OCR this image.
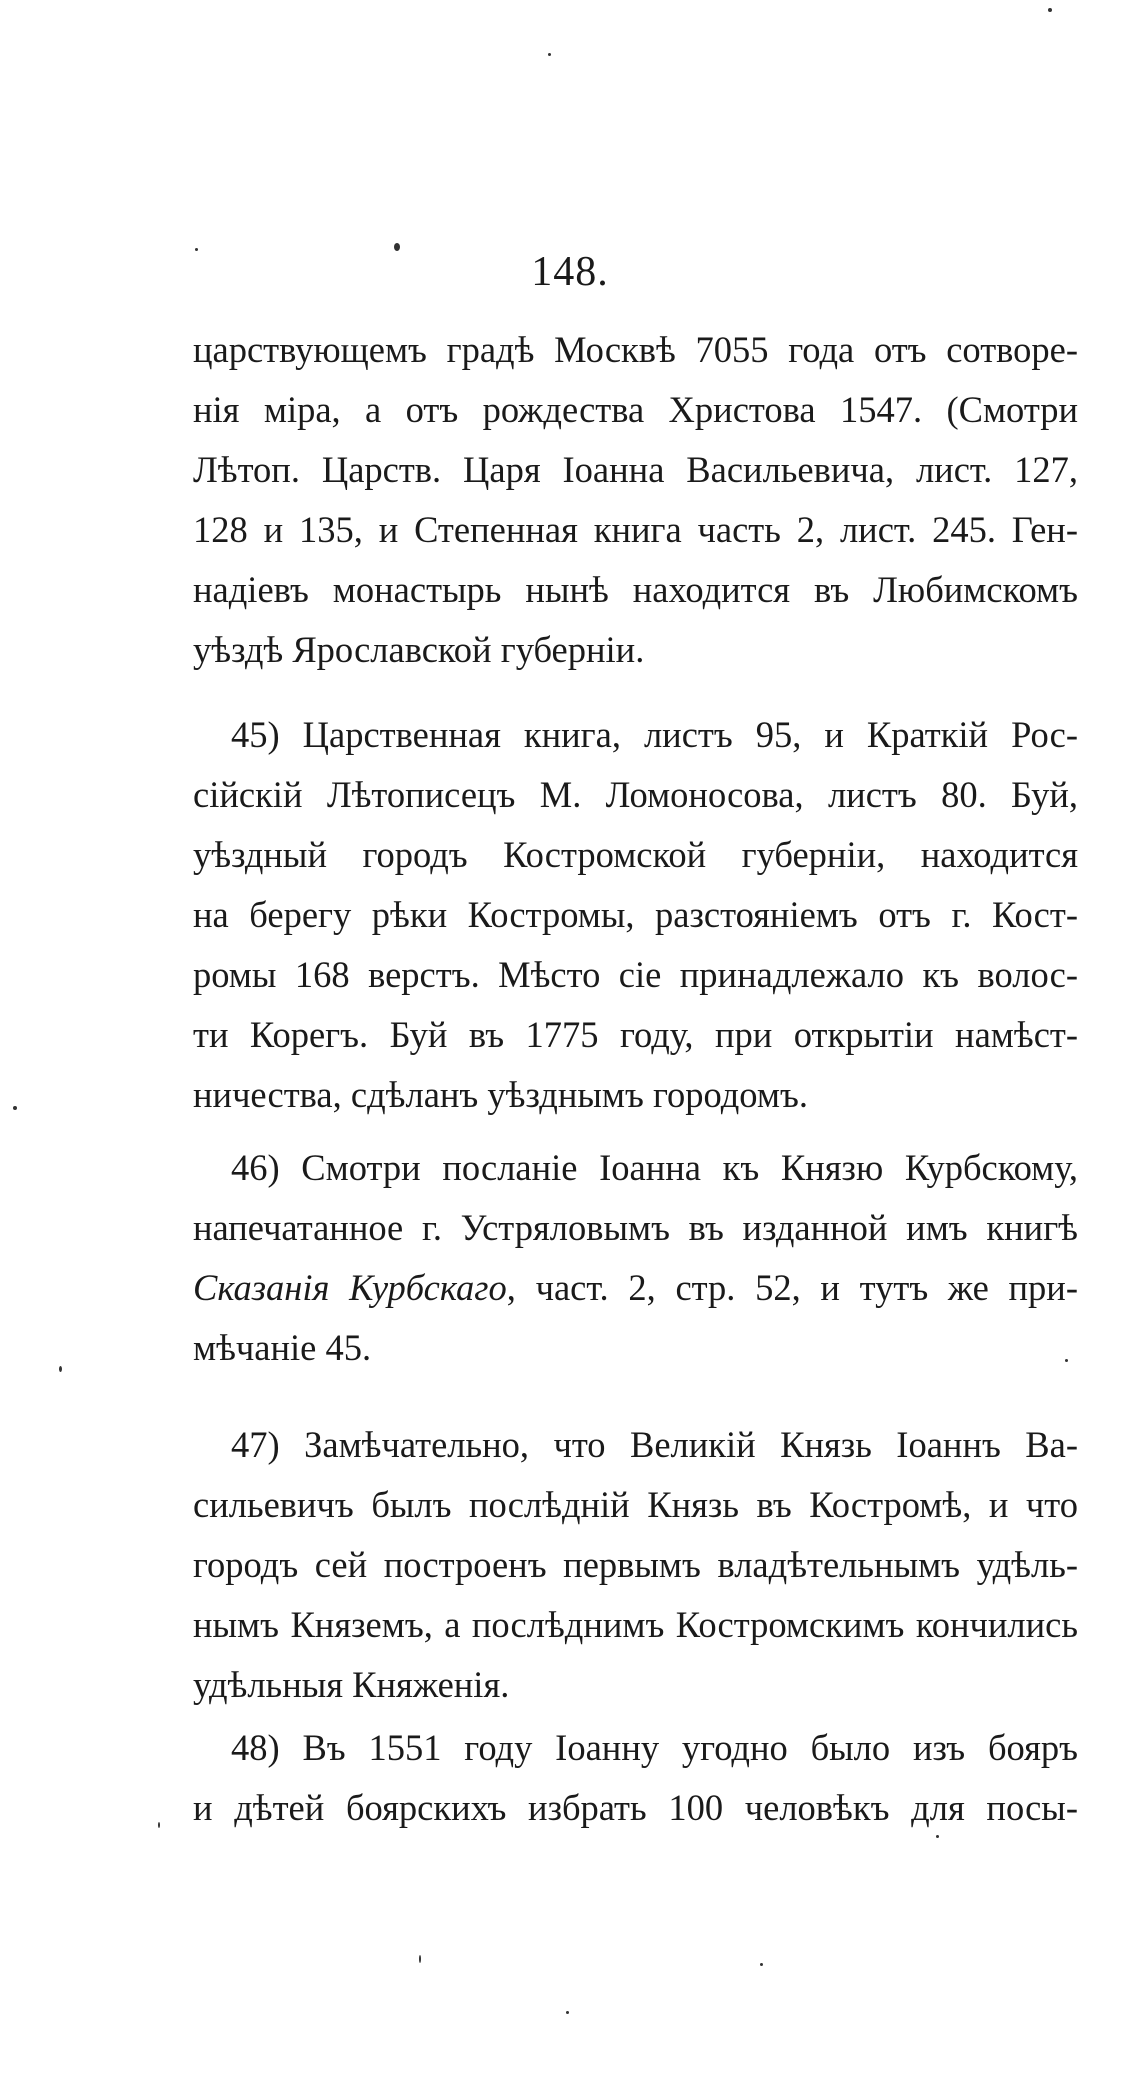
148.
царствующемъ градѣ Москвѣ 7055 года отъ сотворе-
нія міра, а отъ рождества Христова 1547. (Смотри
Лѣтоп. Царств. Царя Іоанна Васильевича, лист. 127,
128 и 135, и Степенная книга часть 2, лист. 245. Ген-
надіевъ монастырь нынѣ находится въ Любимскомъ
уѣздѣ Ярославской губерніи.
45) Царственная книга, листъ 95, и Краткій Рос-
сійскій Лѣтописецъ М. Ломоносова, листъ 80. Буй,
уѣздный городъ Костромской губерніи, находится
на берегу рѣки Костромы, разстояніемъ отъ г. Кост-
ромы 168 верстъ. Мѣсто сіе принадлежало къ волос-
ти Корегъ. Буй въ 1775 году, при открытіи намѣст-
ничества, сдѣланъ уѣзднымъ городомъ.
46) Смотри посланіе Іоанна къ Князю Курбскому,
напечатанное г. Устряловымъ въ изданной имъ книгѣ
Сказанія Курбскаго, част. 2, стр. 52, и тутъ же при-
мѣчаніе 45.
47) Замѣчательно, что Великій Князь Іоаннъ Ва-
сильевичъ былъ послѣдній Князь въ Костромѣ, и что
городъ сей построенъ первымъ владѣтельнымъ удѣль-
нымъ Княземъ, а послѣднимъ Костромскимъ кончились
удѣльныя Княженія.
48) Въ 1551 году Іоанну угодно было изъ бояръ
и дѣтей боярскихъ избрать 100 человѣкъ для посы-
